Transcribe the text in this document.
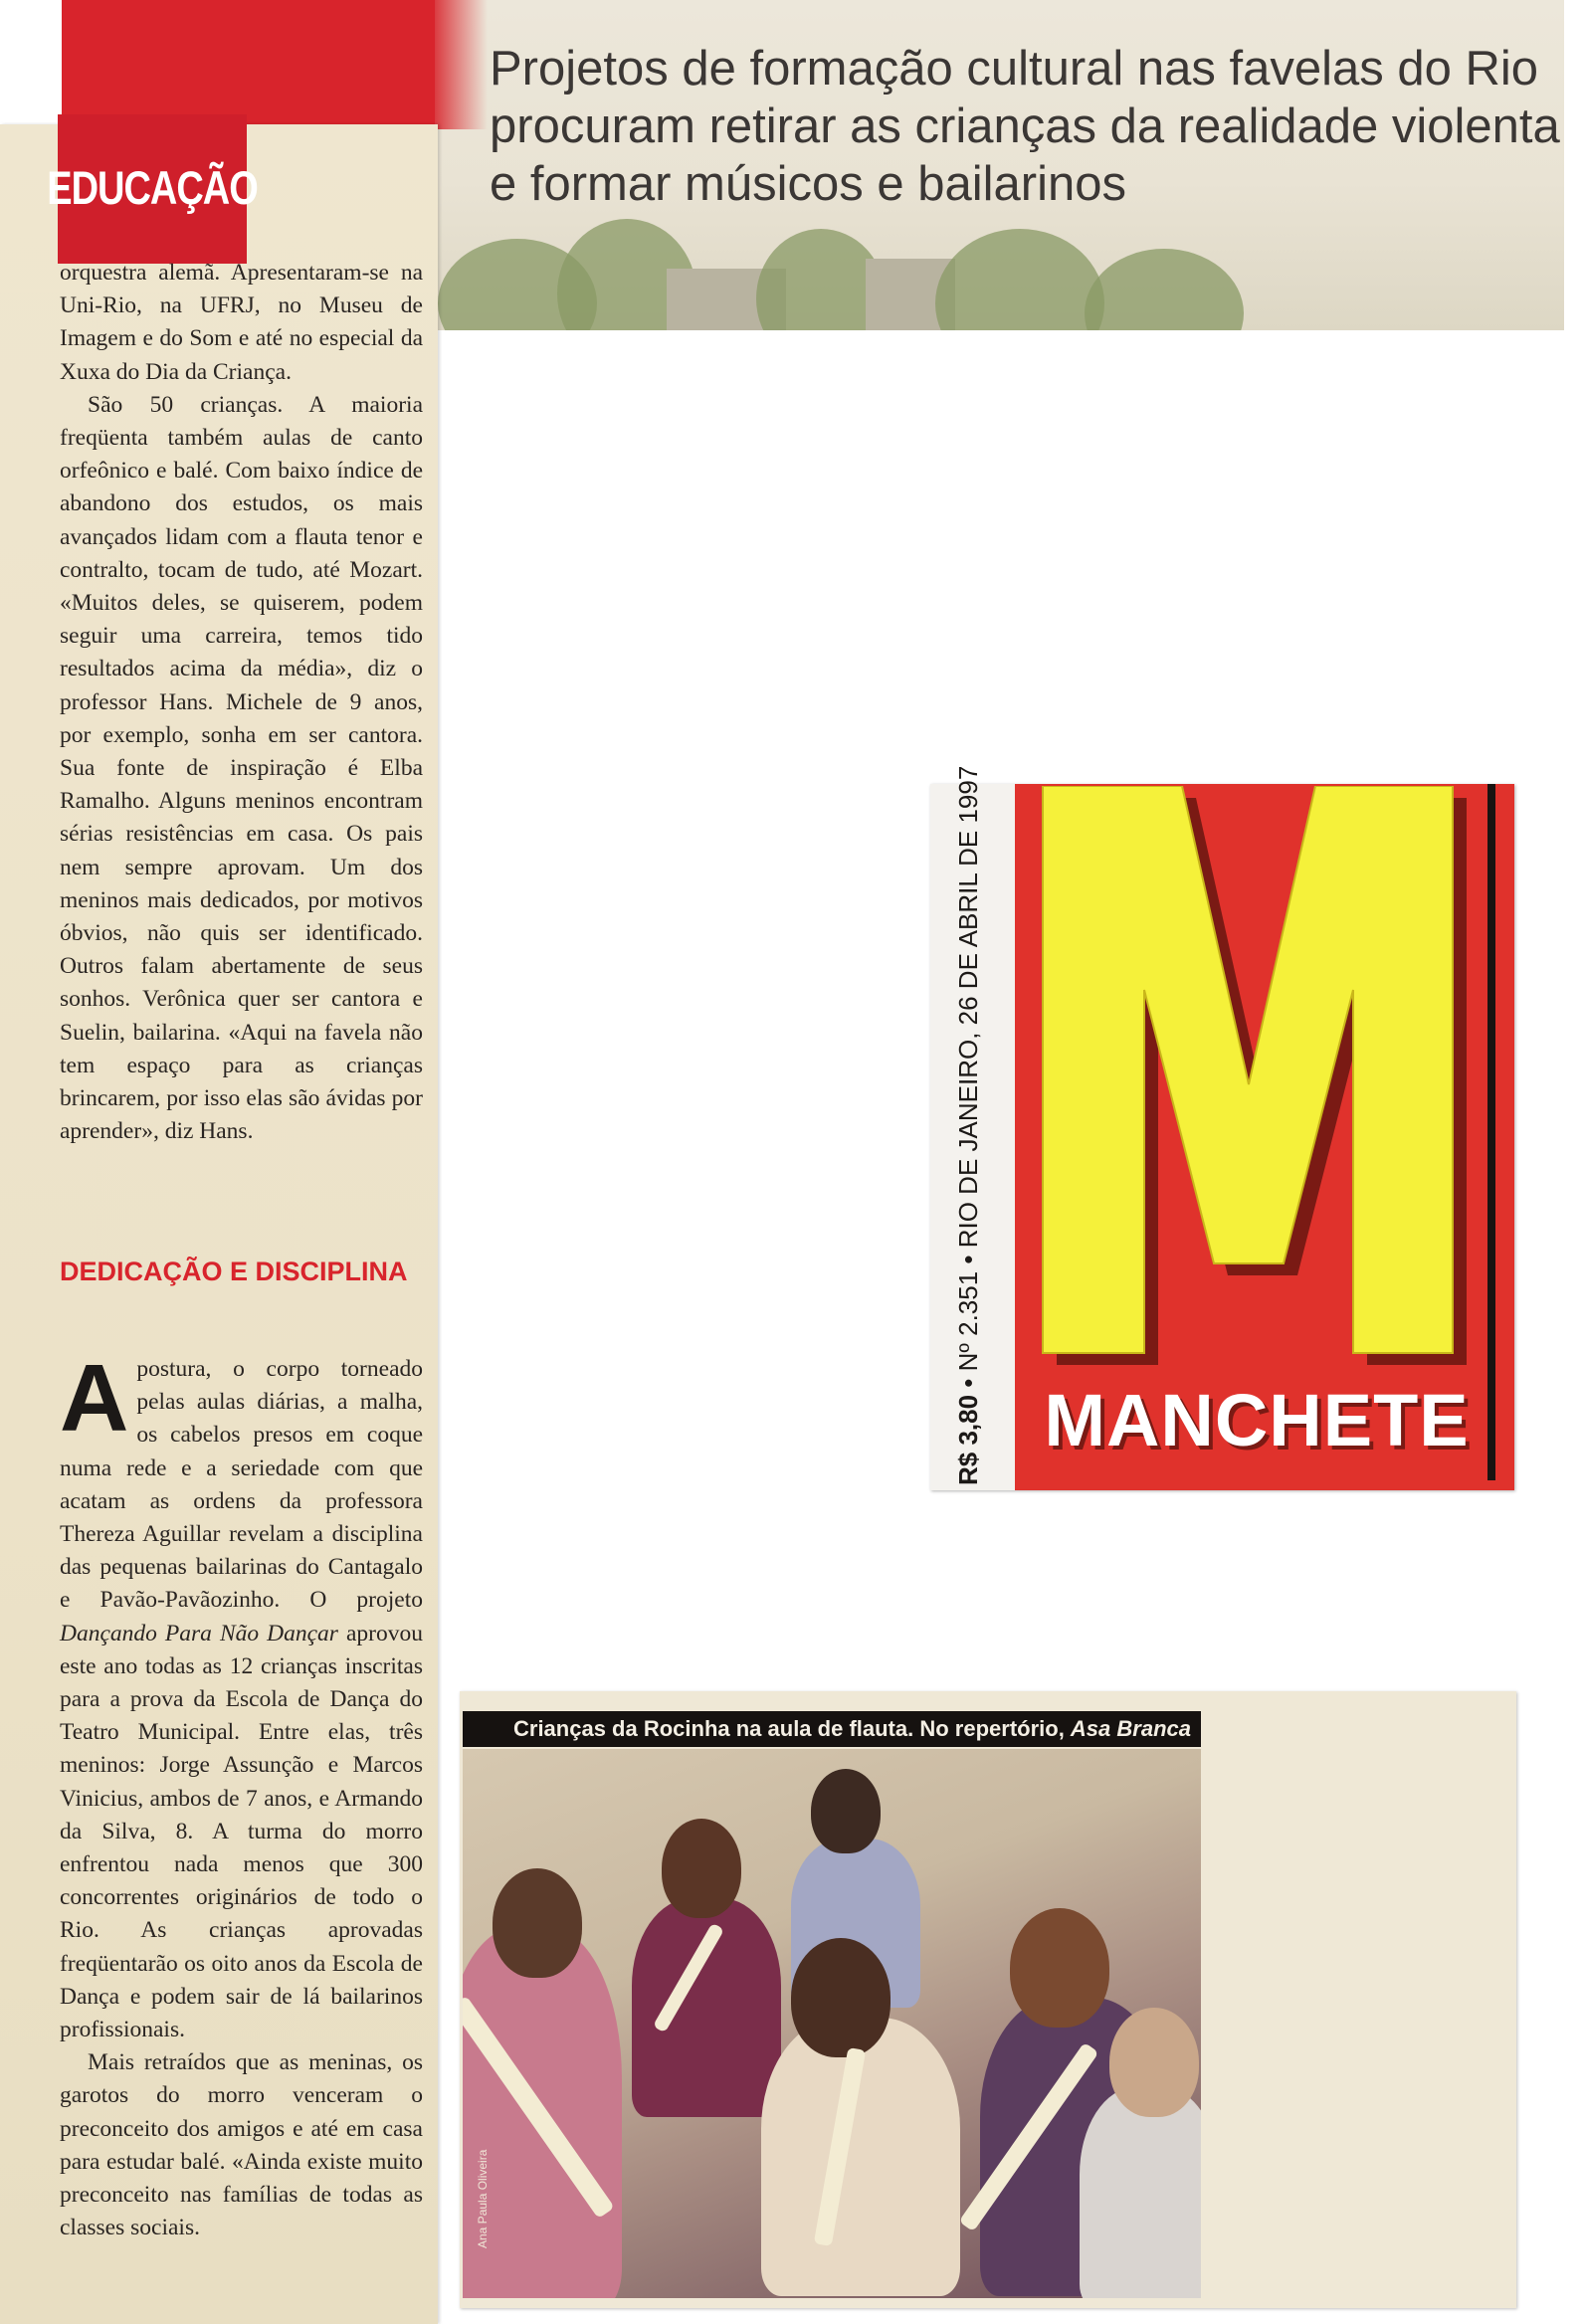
Projetos de formação cultural nas favelas do Rio procuram retirar as crianças da realidade violenta e formar músicos e bailarinos
EDUCAÇÃO

orquestra alemã. Apresentaram-se na Uni-Rio, na UFRJ, no Museu de Imagem e do Som e até no especial da Xuxa do Dia da Criança.

São 50 crianças. A maioria freqüenta também aulas de canto orfeônico e balé. Com baixo índice de abandono dos estudos, os mais avançados lidam com a flauta tenor e contralto, tocam de tudo, até Mozart. «Muitos deles, se quiserem, podem seguir uma carreira, temos tido resultados acima da média», diz o professor Hans. Michele de 9 anos, por exemplo, sonha em ser cantora. Sua fonte de inspiração é Elba Ramalho. Alguns meninos encontram sérias resistências em casa. Os pais nem sempre aprovam. Um dos meninos mais dedicados, por motivos óbvios, não quis ser identificado. Outros falam abertamente de seus sonhos. Verônica quer ser cantora e Suelin, bailarina. «Aqui na favela não tem espaço para as crianças brincarem, por isso elas são ávidas por aprender», diz Hans.

DEDICAÇÃO E DISCIPLINA

Apostura, o corpo torneado pelas aulas diárias, a malha, os cabelos presos em coque numa rede e a seriedade com que acatam as ordens da professora Thereza Aguillar revelam a disciplina das pequenas bailarinas do Cantagalo e Pavão-Pavãozinho. O projeto Dançando Para Não Dançar aprovou este ano todas as 12 crianças inscritas para a prova da Escola de Dança do Teatro Municipal. Entre elas, três meninos: Jorge Assunção e Marcos Vinicius, ambos de 7 anos, e Armando da Silva, 8. A turma do morro enfrentou nada menos que 300 concorrentes originários de todo o Rio. As crianças aprovadas freqüentarão os oito anos da Escola de Dança e podem sair de lá bailarinos profissionais.

Mais retraídos que as meninas, os garotos do morro venceram o preconceito dos amigos e até em casa para estudar balé. «Ainda existe muito preconceito nas famílias de todas as classes sociais.

R$ 3,80 • Nº 2.351 • RIO DE JANEIRO, 26 DE ABRIL DE 1997
MANCHETE
Crianças da Rocinha na aula de flauta. No repertório, Asa Branca
Ana Paula Oliveira
